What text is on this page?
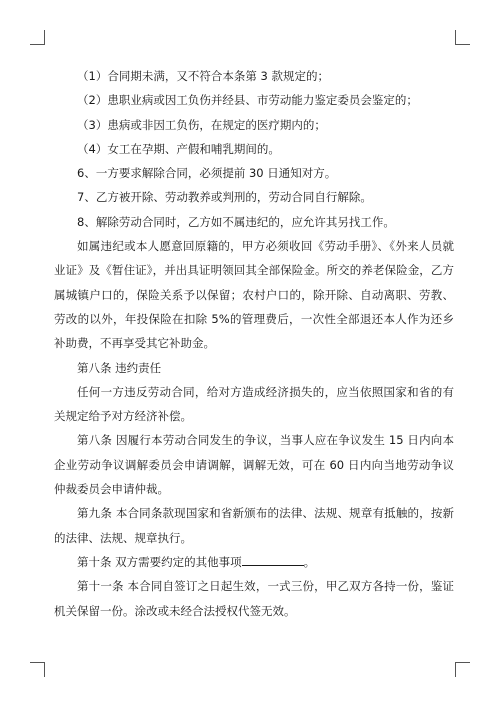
（1）合同期未满，又不符合本条第 3 款规定的；

（2）患职业病或因工负伤并经县、市劳动能力鉴定委员会鉴定的；

（3）患病或非因工负伤，在规定的医疗期内的；

（4）女工在孕期、产假和哺乳期间的。

6、一方要求解除合同，必须提前 30 日通知对方。

7、乙方被开除、劳动教养或判刑的，劳动合同自行解除。

8、解除劳动合同时，乙方如不属违纪的，应允许其另找工作。

如属违纪或本人愿意回原籍的，甲方必须收回《劳动手册》、《外来人员就业证》及《暂住证》，并出具证明领回其全部保险金。所交的养老保险金，乙方属城镇户口的，保险关系予以保留；农村户口的，除开除、自动离职、劳教、劳改的以外，年投保险在扣除 5%的管理费后，一次性全部退还本人作为还乡补助费，不再享受其它补助金。

第八条 违约责任

任何一方违反劳动合同，给对方造成经济损失的，应当依照国家和省的有关规定给予对方经济补偿。

第八条 因履行本劳动合同发生的争议，当事人应在争议发生 15 日内向本企业劳动争议调解委员会申请调解，调解无效，可在 60 日内向当地劳动争议仲裁委员会申请仲裁。

第九条 本合同条款现国家和省新颁布的法律、法规、规章有抵触的，按新的法律、法规、规章执行。

第十条 双方需要约定的其他事项	。

第十一条 本合同自签订之日起生效，一式三份，甲乙双方各持一份，鉴证机关保留一份。涂改或未经合法授权代签无效。
